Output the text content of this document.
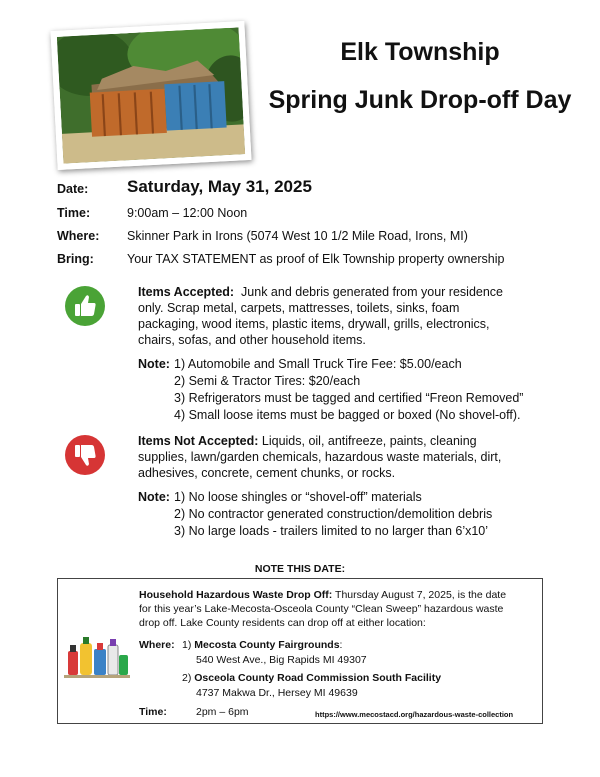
Elk Township
Spring Junk Drop-off Day
Date:	Saturday, May 31, 2025
Time:	9:00am – 12:00 Noon
Where:	Skinner Park in Irons (5074 West 10 1/2 Mile Road, Irons, MI)
Bring:	Your TAX STATEMENT as proof of Elk Township property ownership
Items Accepted: Junk and debris generated from your residence
only. Scrap metal, carpets, mattresses, toilets, sinks, foam
packaging, wood items, plastic items, drywall, grills, electronics,
chairs, sofas, and other household items.
Note: 1) Automobile and Small Truck Tire Fee: $5.00/each
2) Semi & Tractor Tires: $20/each
3) Refrigerators must be tagged and certified “Freon Removed”
4) Small loose items must be bagged or boxed (No shovel-off).
Items Not Accepted: Liquids, oil, antifreeze, paints, cleaning
supplies, lawn/garden chemicals, hazardous waste materials, dirt,
adhesives, concrete, cement chunks, or rocks.
Note: 1) No loose shingles or “shovel-off” materials
2) No contractor generated construction/demolition debris
3) No large loads - trailers limited to no larger than 6’x10’
NOTE THIS DATE:
Household Hazardous Waste Drop Off: Thursday August 7, 2025, is the date
for this year’s Lake-Mecosta-Osceola County “Clean Sweep” hazardous waste
drop off. Lake County residents can drop off at either location:
Where: 1) Mecosta County Fairgrounds:
540 West Ave., Big Rapids MI 49307
2) Osceola County Road Commission South Facility
4737 Makwa Dr., Hersey MI 49639
Time:	2pm – 6pm	https://www.mecostacd.org/hazardous-waste-collection
